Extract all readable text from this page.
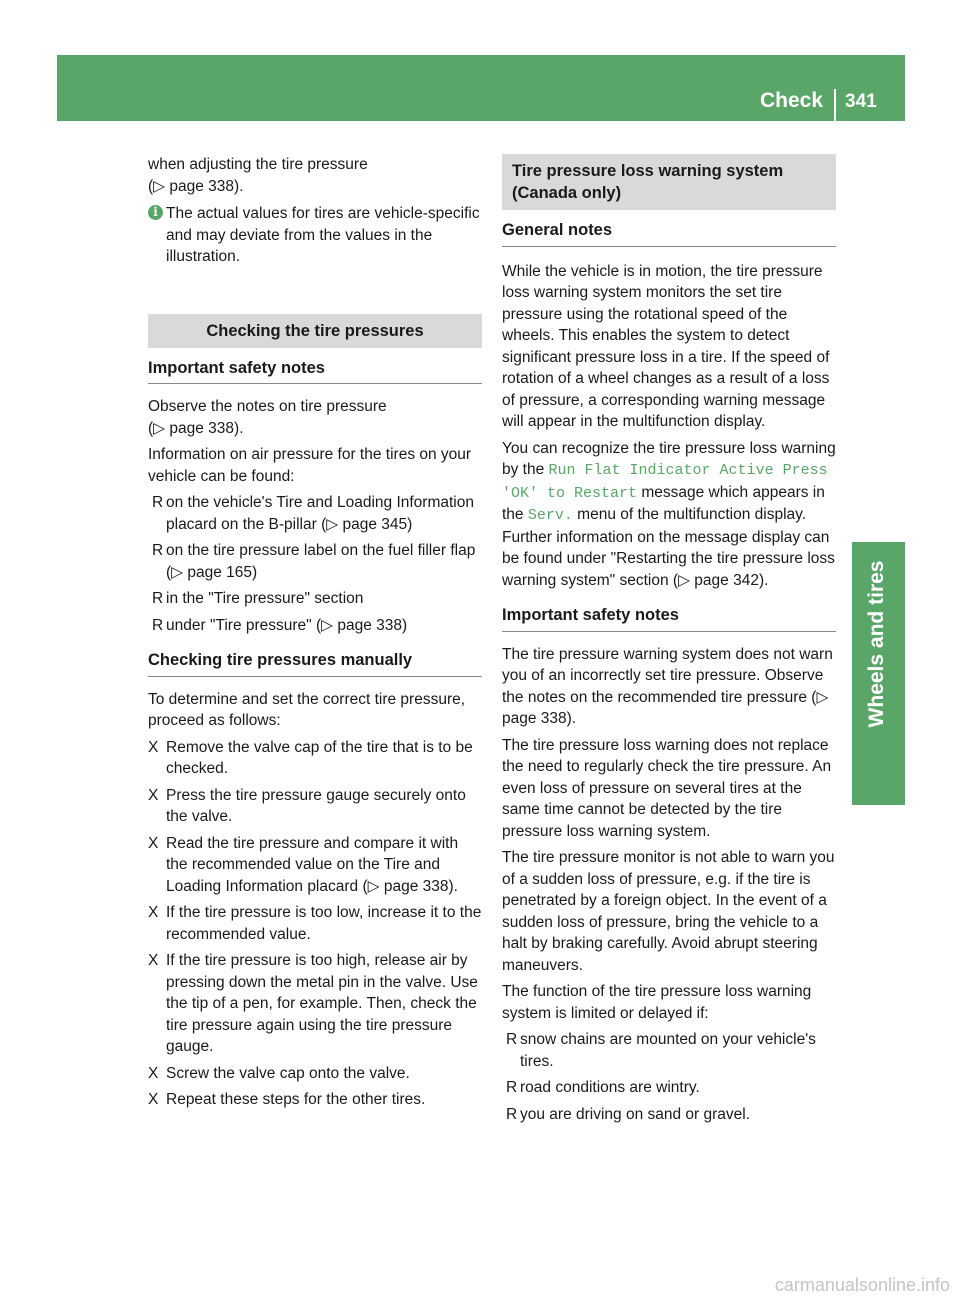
Check 341
Wheels and tires
when adjusting the tire pressure
(▷ page 338).
i The actual values for tires are vehicle-specific and may deviate from the values in the illustration.
Checking the tire pressures
Important safety notes

Observe the notes on tire pressure
(▷ page 338).

Information on air pressure for the tires on your vehicle can be found:

R on the vehicle's Tire and Loading Information placard on the B-pillar (▷ page 345)
R on the tire pressure label on the fuel filler flap (▷ page 165)
R in the "Tire pressure" section
R under "Tire pressure" (▷ page 338)
Checking tire pressures manually

To determine and set the correct tire pressure, proceed as follows:

X Remove the valve cap of the tire that is to be checked.
X Press the tire pressure gauge securely onto the valve.
X Read the tire pressure and compare it with the recommended value on the Tire and Loading Information placard (▷ page 338).
X If the tire pressure is too low, increase it to the recommended value.
X If the tire pressure is too high, release air by pressing down the metal pin in the valve. Use the tip of a pen, for example. Then, check the tire pressure again using the tire pressure gauge.
X Screw the valve cap onto the valve.
X Repeat these steps for the other tires.
Tire pressure loss warning system (Canada only)
General notes

While the vehicle is in motion, the tire pressure loss warning system monitors the set tire pressure using the rotational speed of the wheels. This enables the system to detect significant pressure loss in a tire. If the speed of rotation of a wheel changes as a result of a loss of pressure, a corresponding warning message will appear in the multifunction display.

You can recognize the tire pressure loss warning by the Run Flat Indicator Active Press 'OK' to Restart message which appears in the Serv. menu of the multifunction display. Further information on the message display can be found under "Restarting the tire pressure loss warning system" section (▷ page 342).

Important safety notes

The tire pressure warning system does not warn you of an incorrectly set tire pressure. Observe the notes on the recommended tire pressure (▷ page 338).

The tire pressure loss warning does not replace the need to regularly check the tire pressure. An even loss of pressure on several tires at the same time cannot be detected by the tire pressure loss warning system.

The tire pressure monitor is not able to warn you of a sudden loss of pressure, e.g. if the tire is penetrated by a foreign object. In the event of a sudden loss of pressure, bring the vehicle to a halt by braking carefully. Avoid abrupt steering maneuvers.

The function of the tire pressure loss warning system is limited or delayed if:

R snow chains are mounted on your vehicle's tires.
R road conditions are wintry.
R you are driving on sand or gravel.
carmanualsonline.info
